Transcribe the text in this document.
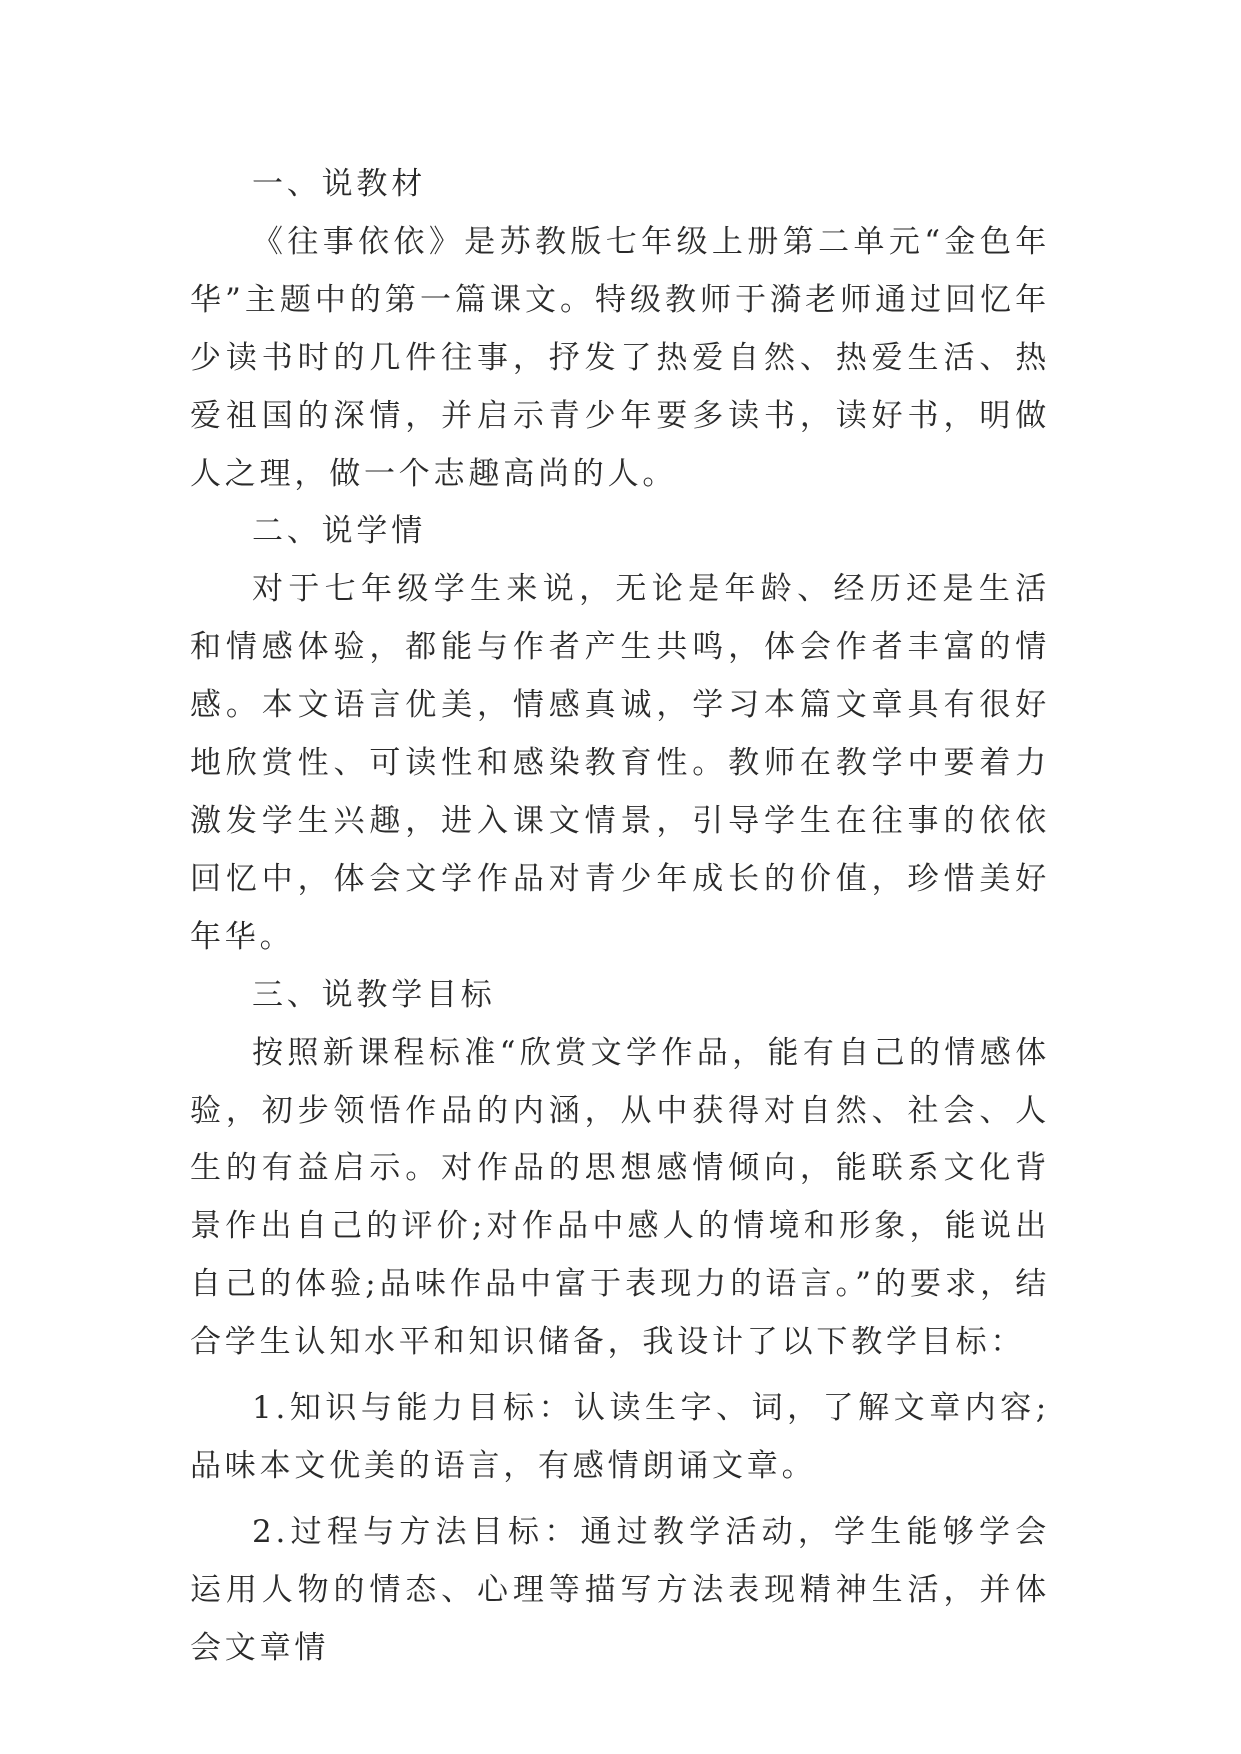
一、说教材

《往事依依》是苏教版七年级上册第二单元“金色年华”主题中的第一篇课文。特级教师于漪老师通过回忆年少读书时的几件往事，抒发了热爱自然、热爱生活、热爱祖国的深情，并启示青少年要多读书，读好书，明做人之理，做一个志趣高尚的人。

二、说学情

对于七年级学生来说，无论是年龄、经历还是生活和情感体验，都能与作者产生共鸣，体会作者丰富的情感。本文语言优美，情感真诚，学习本篇文章具有很好地欣赏性、可读性和感染教育性。教师在教学中要着力激发学生兴趣，进入课文情景，引导学生在往事的依依回忆中，体会文学作品对青少年成长的价值，珍惜美好年华。

三、说教学目标

按照新课程标准“欣赏文学作品，能有自己的情感体验，初步领悟作品的内涵，从中获得对自然、社会、人生的有益启示。对作品的思想感情倾向，能联系文化背景作出自己的评价;对作品中感人的情境和形象，能说出自己的体验;品味作品中富于表现力的语言。”的要求，结合学生认知水平和知识储备，我设计了以下教学目标：

1.知识与能力目标：认读生字、词，了解文章内容;品味本文优美的语言，有感情朗诵文章。

2.过程与方法目标：通过教学活动，学生能够学会运用人物的情态、心理等描写方法表现精神生活，并体会文章情
